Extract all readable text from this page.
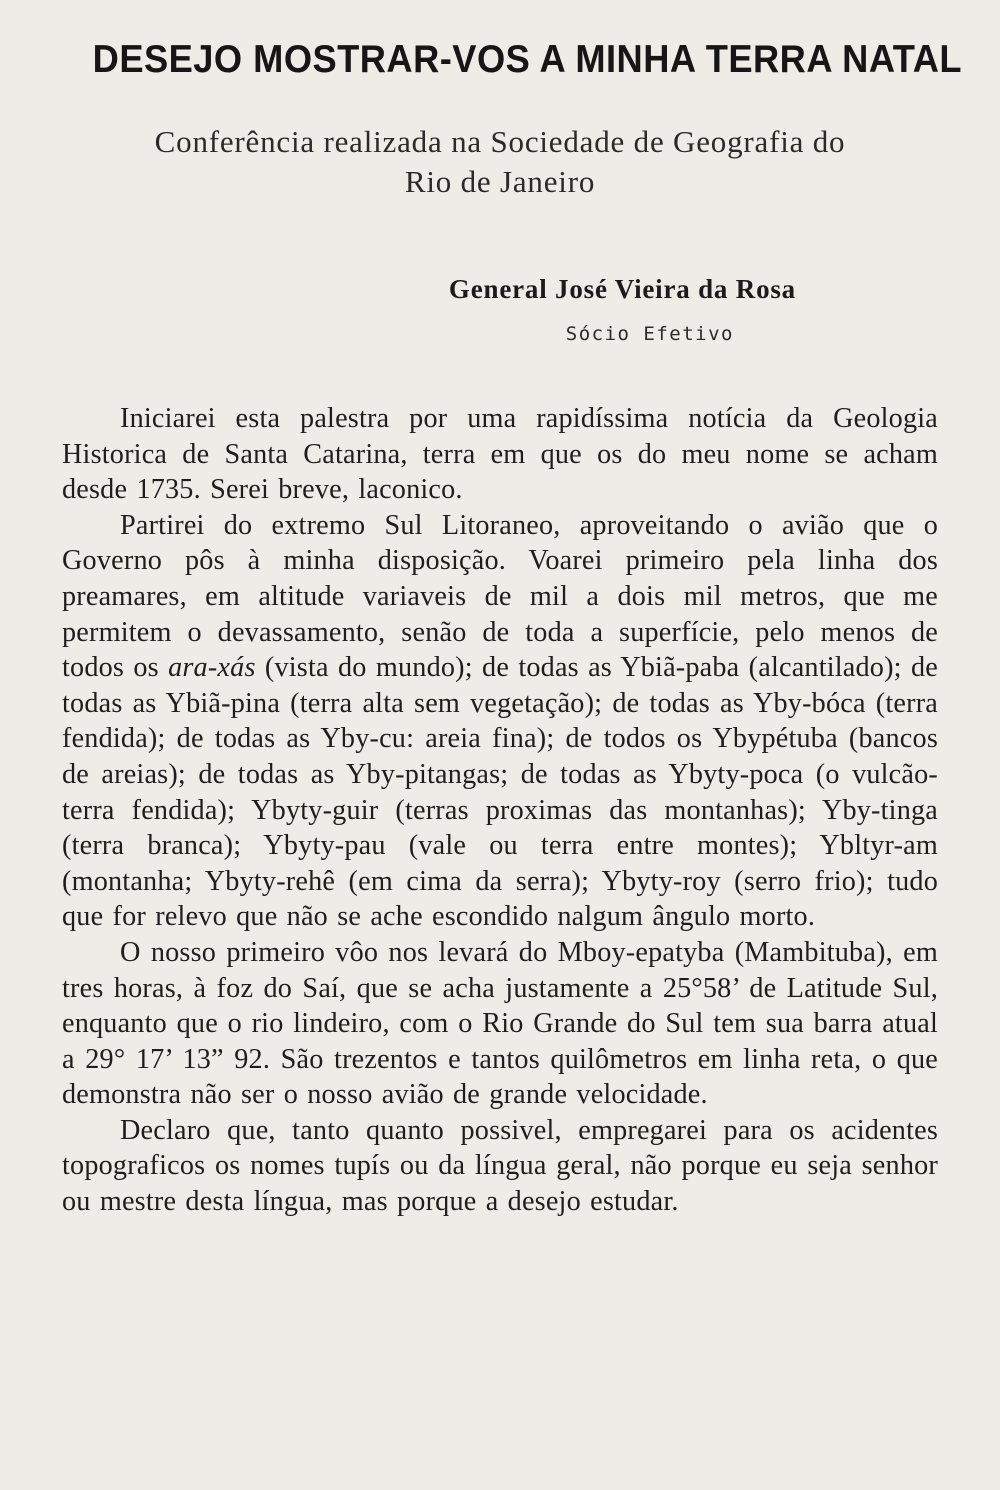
DESEJO MOSTRAR-VOS A MINHA TERRA NATAL
Conferência realizada na Sociedade de Geografia do
Rio de Janeiro
General José Vieira da Rosa
Sócio Efetivo

Iniciarei esta palestra por uma rapidíssima notícia da Geologia Historica de Santa Catarina, terra em que os do meu nome se acham desde 1735. Serei breve, laconico.

Partirei do extremo Sul Litoraneo, aproveitando o avião que o Governo pôs à minha disposição. Voarei primeiro pela linha dos preamares, em altitude variaveis de mil a dois mil metros, que me permitem o devassamento, senão de toda a superfície, pelo menos de todos os ara-xás (vista do mundo); de todas as Ybiã-paba (alcantilado); de todas as Ybiã-pina (terra alta sem vegetação); de todas as Yby-bóca (terra fendida); de todas as Yby-cu: areia fina); de todos os Ybypétuba (bancos de areias); de todas as Yby-pitangas; de todas as Ybyty-poca (o vulcão-terra fendida); Ybyty-guir (terras proximas das montanhas); Yby-tinga (terra branca); Ybyty-pau (vale ou terra entre montes); Ybltyr-am (montanha; Ybyty-rehê (em cima da serra); Ybyty-roy (serro frio); tudo que for relevo que não se ache escondido nalgum ângulo morto.

O nosso primeiro vôo nos levará do Mboy-epatyba (Mambituba), em tres horas, à foz do Saí, que se acha justamente a 25°58’ de Latitude Sul, enquanto que o rio lindeiro, com o Rio Grande do Sul tem sua barra atual a 29° 17’ 13” 92. São trezentos e tantos quilômetros em linha reta, o que demonstra não ser o nosso avião de grande velocidade.

Declaro que, tanto quanto possivel, empregarei para os acidentes topograficos os nomes tupís ou da língua geral, não porque eu seja senhor ou mestre desta língua, mas porque a desejo estudar.
